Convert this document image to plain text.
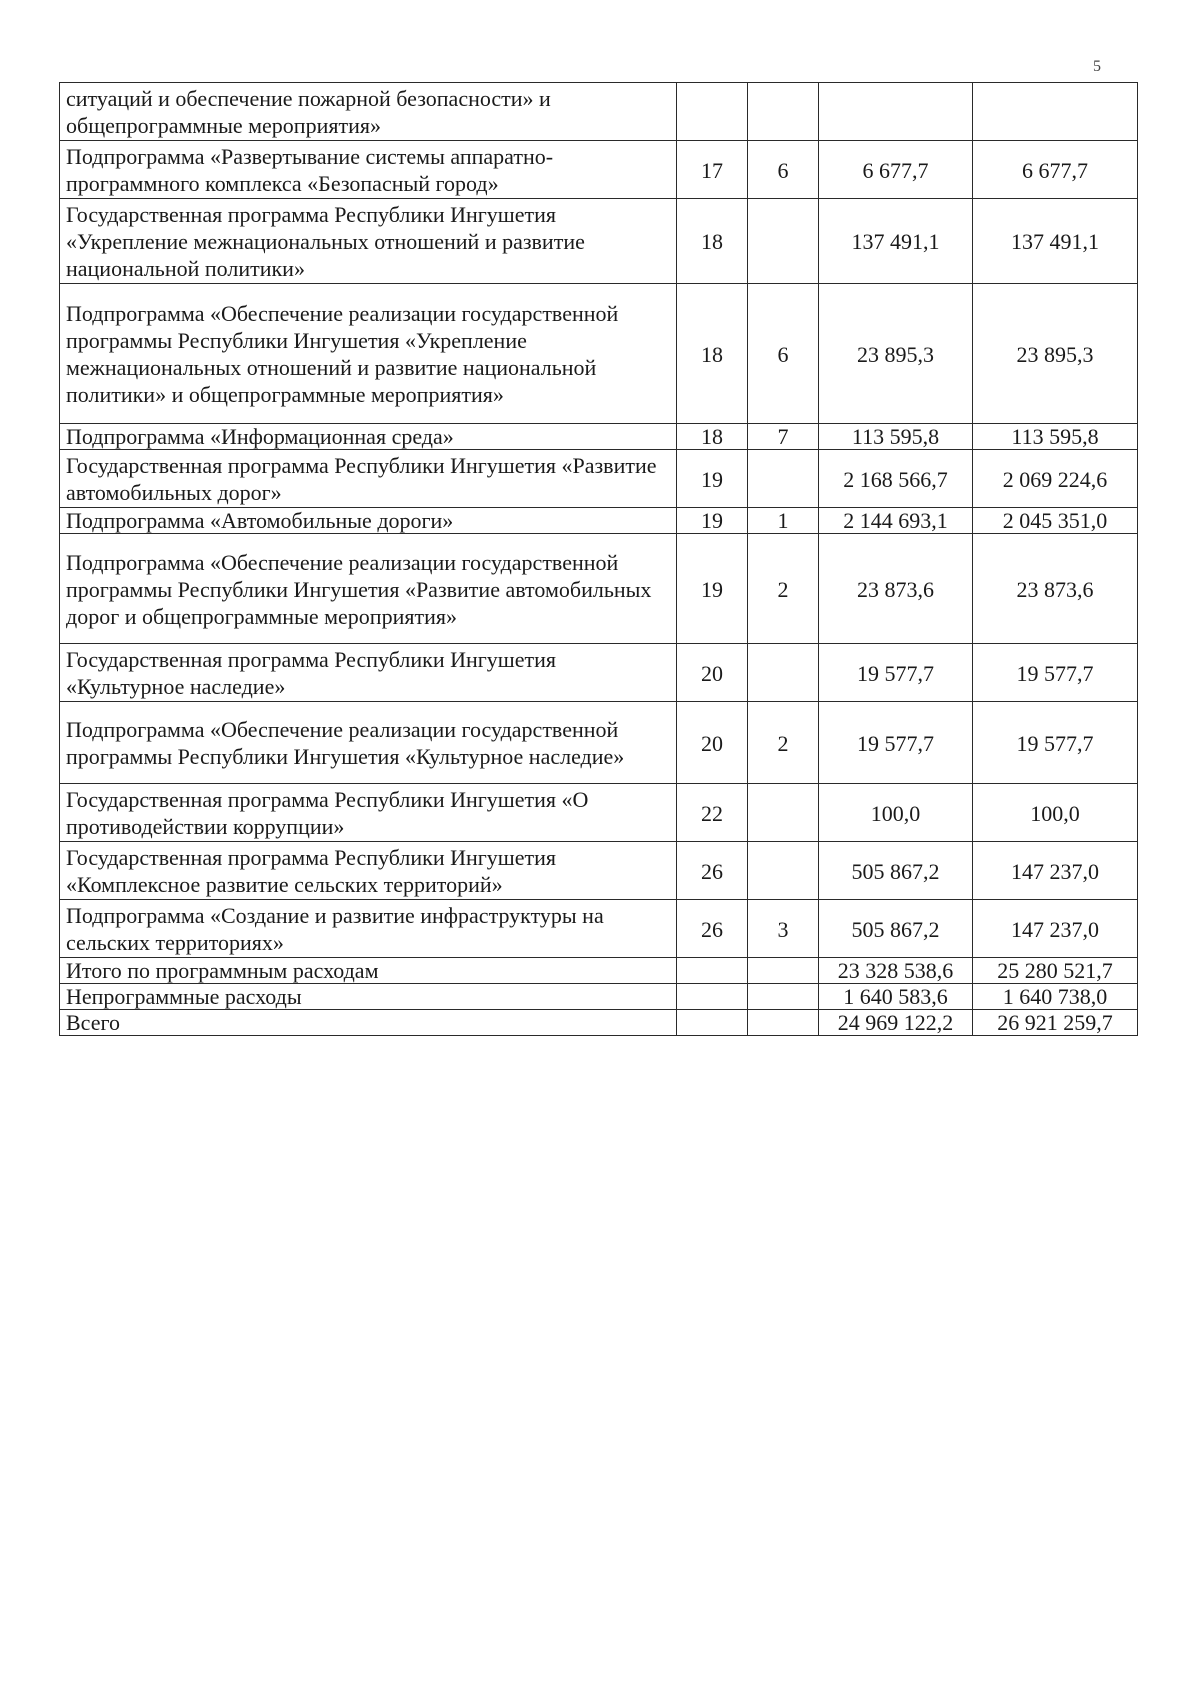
5
ситуаций и обеспечение пожарной безопасности» и общепрограммные мероприятия»				
Подпрограмма «Развертывание системы аппаратно-программного комплекса «Безопасный город»	17	6	6 677,7	6 677,7
Государственная программа Республики Ингушетия «Укрепление межнациональных отношений и развитие национальной политики»	18		137 491,1	137 491,1
Подпрограмма «Обеспечение реализации государственной программы Республики Ингушетия «Укрепление межнациональных отношений и развитие национальной политики» и общепрограммные мероприятия»	18	6	23 895,3	23 895,3
Подпрограмма «Информационная среда»	18	7	113 595,8	113 595,8
Государственная программа Республики Ингушетия «Развитие автомобильных дорог»	19		2 168 566,7	2 069 224,6
Подпрограмма «Автомобильные дороги»	19	1	2 144 693,1	2 045 351,0
Подпрограмма «Обеспечение реализации государственной программы Республики Ингушетия «Развитие автомобильных дорог и общепрограммные мероприятия»	19	2	23 873,6	23 873,6
Государственная программа Республики Ингушетия «Культурное наследие»	20		19 577,7	19 577,7
Подпрограмма «Обеспечение реализации государственной программы Республики Ингушетия «Культурное наследие»	20	2	19 577,7	19 577,7
Государственная программа Республики Ингушетия «О противодействии коррупции»	22		100,0	100,0
Государственная программа Республики Ингушетия «Комплексное развитие сельских территорий»	26		505 867,2	147 237,0
Подпрограмма «Создание и развитие инфраструктуры на сельских территориях»	26	3	505 867,2	147 237,0
Итого по программным расходам			23 328 538,6	25 280 521,7
Непрограммные расходы			1 640 583,6	1 640 738,0
Всего			24 969 122,2	26 921 259,7
